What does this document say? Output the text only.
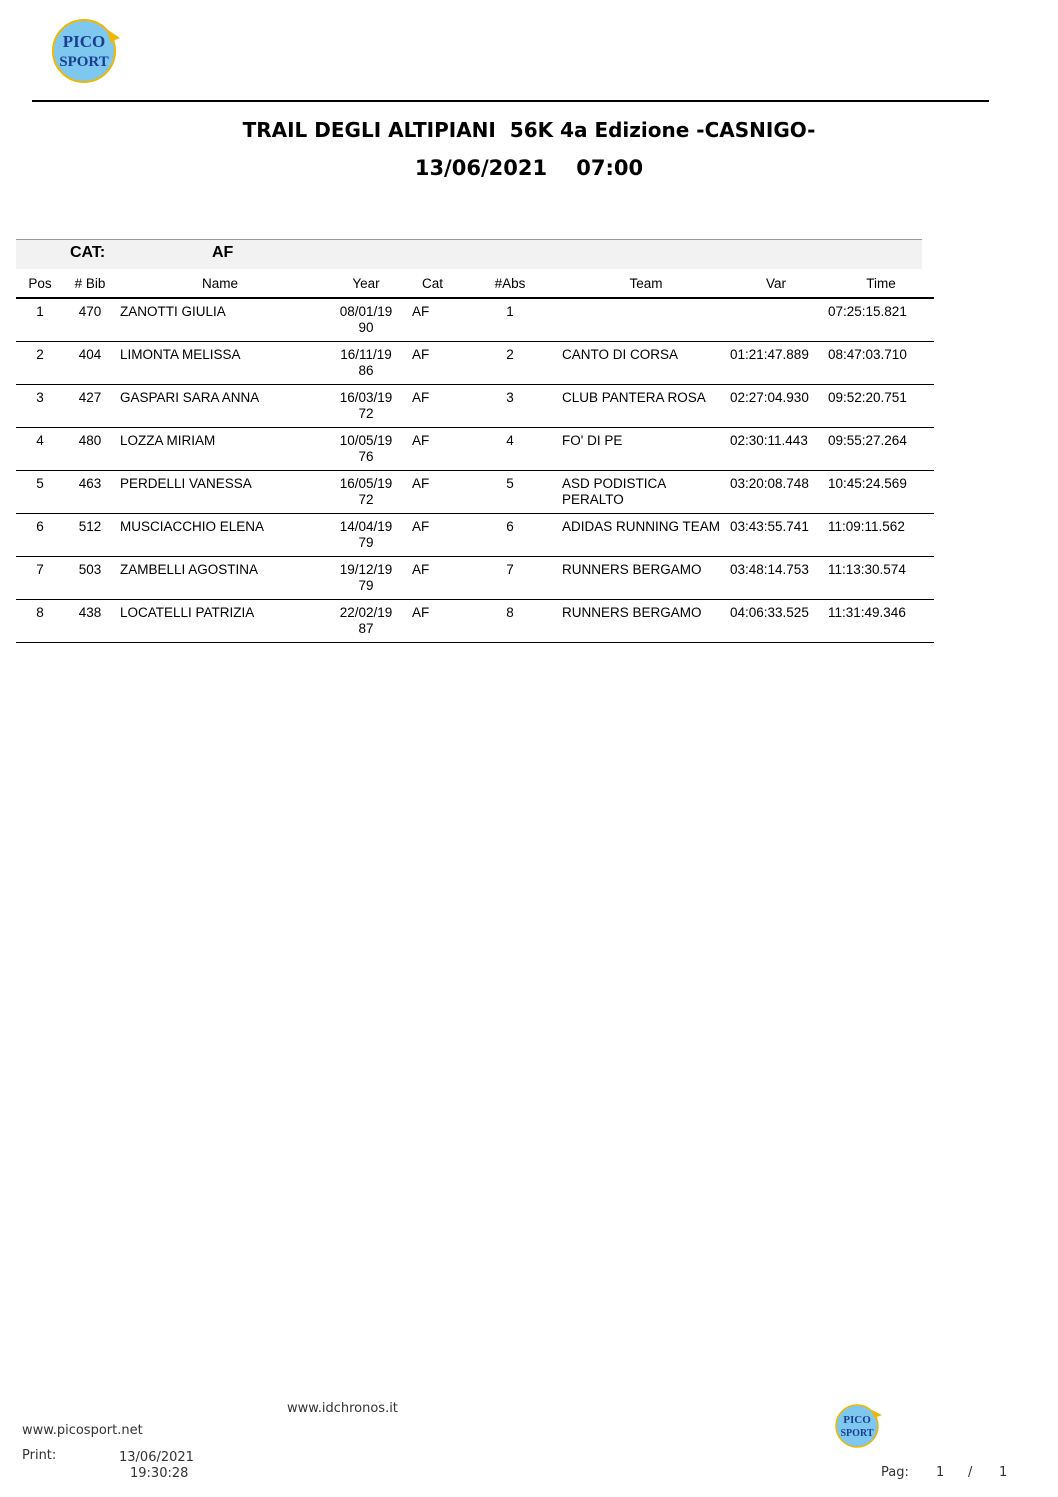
PICO
SPORT
TRAIL DEGLI ALTIPIANI  56K 4a Edizione -CASNIGO-
13/06/2021    07:00
CAT:	AF
Pos	# Bib	Name	Year	Cat	#Abs	Team	Var	Time
1	470	ZANOTTI GIULIA	08/01/19 90	AF	1			07:25:15.821
2	404	LIMONTA MELISSA	16/11/19 86	AF	2	CANTO DI CORSA	01:21:47.889	08:47:03.710
3	427	GASPARI SARA ANNA	16/03/19 72	AF	3	CLUB PANTERA ROSA	02:27:04.930	09:52:20.751
4	480	LOZZA MIRIAM	10/05/19 76	AF	4	FO' DI PE	02:30:11.443	09:55:27.264
5	463	PERDELLI VANESSA	16/05/19 72	AF	5	ASD PODISTICA PERALTO	03:20:08.748	10:45:24.569
6	512	MUSCIACCHIO ELENA	14/04/19 79	AF	6	ADIDAS RUNNING TEAM	03:43:55.741	11:09:11.562
7	503	ZAMBELLI AGOSTINA	19/12/19 79	AF	7	RUNNERS BERGAMO	03:48:14.753	11:13:30.574
8	438	LOCATELLI PATRIZIA	22/02/19 87	AF	8	RUNNERS BERGAMO	04:06:33.525	11:31:49.346
www.idchronos.it
www.picosport.net
Print:	13/06/2021
19:30:28
PICO
SPORT
Pag: 1 / 1
